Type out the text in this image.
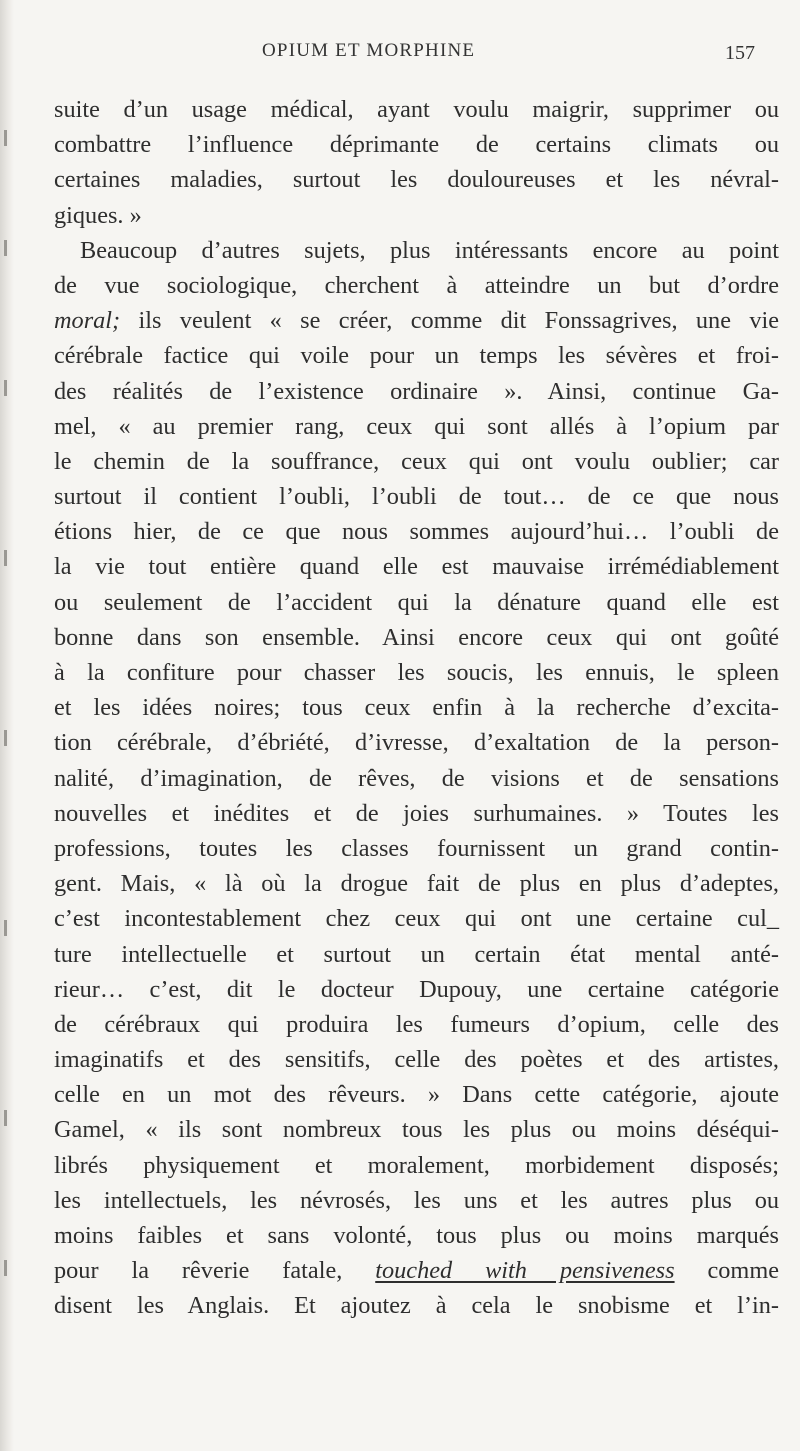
OPIUM ET MORPHINE	157
suite d’un usage médical, ayant voulu maigrir, supprimer ou
combattre l’influence déprimante de certains climats ou
certaines maladies, surtout les douloureuses et les névral-
giques. »
Beaucoup d’autres sujets, plus intéressants encore au point
de vue sociologique, cherchent à atteindre un but d’ordre
moral; ils veulent « se créer, comme dit Fonssagrives, une vie
cérébrale factice qui voile pour un temps les sévères et froi-
des réalités de l’existence ordinaire ». Ainsi, continue Ga-
mel, « au premier rang, ceux qui sont allés à l’opium par
le chemin de la souffrance, ceux qui ont voulu oublier; car
surtout il contient l’oubli, l’oubli de tout… de ce que nous
étions hier, de ce que nous sommes aujourd’hui… l’oubli de
la vie tout entière quand elle est mauvaise irrémédiablement
ou seulement de l’accident qui la dénature quand elle est
bonne dans son ensemble. Ainsi encore ceux qui ont goûté
à la confiture pour chasser les soucis, les ennuis, le spleen
et les idées noires; tous ceux enfin à la recherche d’excita-
tion cérébrale, d’ébriété, d’ivresse, d’exaltation de la person-
nalité, d’imagination, de rêves, de visions et de sensations
nouvelles et inédites et de joies surhumaines. » Toutes les
professions, toutes les classes fournissent un grand contin-
gent. Mais, « là où la drogue fait de plus en plus d’adeptes,
c’est incontestablement chez ceux qui ont une certaine cul_
ture intellectuelle et surtout un certain état mental anté-
rieur… c’est, dit le docteur Dupouy, une certaine catégorie
de cérébraux qui produira les fumeurs d’opium, celle des
imaginatifs et des sensitifs, celle des poètes et des artistes,
celle en un mot des rêveurs. » Dans cette catégorie, ajoute
Gamel, « ils sont nombreux tous les plus ou moins déséqui-
librés physiquement et moralement, morbidement disposés;
les intellectuels, les névrosés, les uns et les autres plus ou
moins faibles et sans volonté, tous plus ou moins marqués
pour la rêverie fatale, touched with pensiveness comme
disent les Anglais. Et ajoutez à cela le snobisme et l’in-
